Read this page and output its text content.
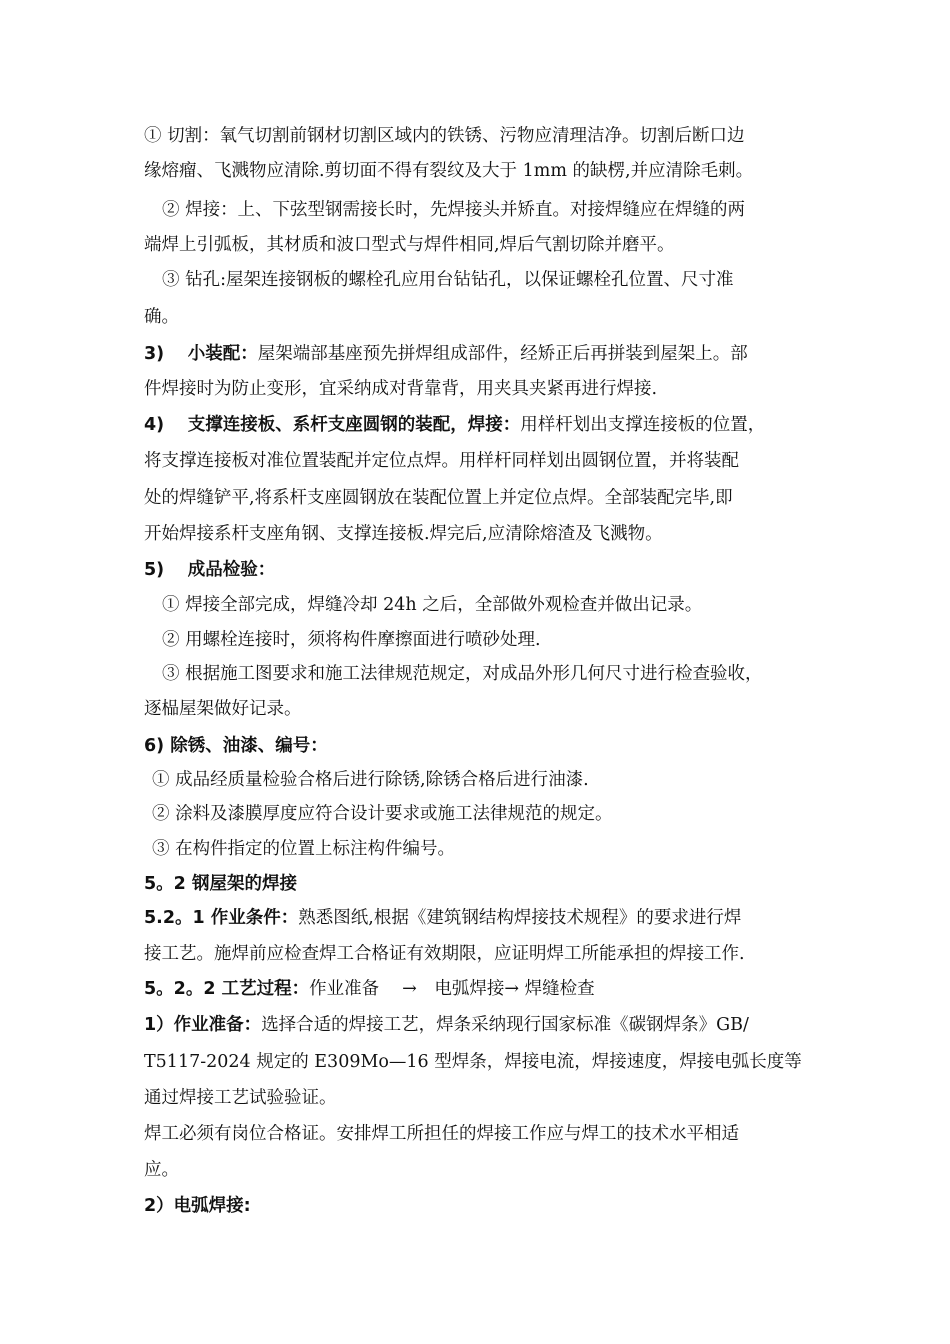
① 切割：氧气切割前钢材切割区域内的铁锈、污物应清理洁净。切割后断口边
缘熔瘤、飞溅物应清除.剪切面不得有裂纹及大于 1mm 的缺楞,并应清除毛刺。
② 焊接：上、下弦型钢需接长时，先焊接头并矫直。对接焊缝应在焊缝的两
端焊上引弧板，其材质和波口型式与焊件相同,焊后气割切除并磨平。
③ 钻孔:屋架连接钢板的螺栓孔应用台钻钻孔，以保证螺栓孔位置、尺寸准
确。
3)　 小装配：屋架端部基座预先拼焊组成部件，经矫正后再拼装到屋架上。部
件焊接时为防止变形，宜采纳成对背靠背，用夹具夹紧再进行焊接.
4)　 支撑连接板、系杆支座圆钢的装配，焊接：用样杆划出支撑连接板的位置，
将支撑连接板对准位置装配并定位点焊。用样杆同样划出圆钢位置，并将装配
处的焊缝铲平,将系杆支座圆钢放在装配位置上并定位点焊。全部装配完毕,即
开始焊接系杆支座角钢、支撑连接板.焊完后,应清除熔渣及飞溅物。
5)　 成品检验：
① 焊接全部完成，焊缝冷却 24h 之后，全部做外观检查并做出记录。
② 用螺栓连接时，须将构件摩擦面进行喷砂处理.
③ 根据施工图要求和施工法律规范规定，对成品外形几何尺寸进行检查验收，
逐榀屋架做好记录。
6) 除锈、油漆、编号：
① 成品经质量检验合格后进行除锈,除锈合格后进行油漆.
② 涂料及漆膜厚度应符合设计要求或施工法律规范的规定。
③ 在构件指定的位置上标注构件编号。
5。2 钢屋架的焊接
5.2。1 作业条件：熟悉图纸,根据《建筑钢结构焊接技术规程》的要求进行焊
接工艺。施焊前应检查焊工合格证有效期限，应证明焊工所能承担的焊接工作.
5。2。2 工艺过程：作业准备　 →　电弧焊接→ 焊缝检查
1）作业准备：选择合适的焊接工艺，焊条采纳现行国家标准《碳钢焊条》GB/
T5117-2024 规定的 E309Mo—16 型焊条，焊接电流，焊接速度，焊接电弧长度等
通过焊接工艺试验验证。
焊工必须有岗位合格证。安排焊工所担任的焊接工作应与焊工的技术水平相适
应。
2）电弧焊接:
